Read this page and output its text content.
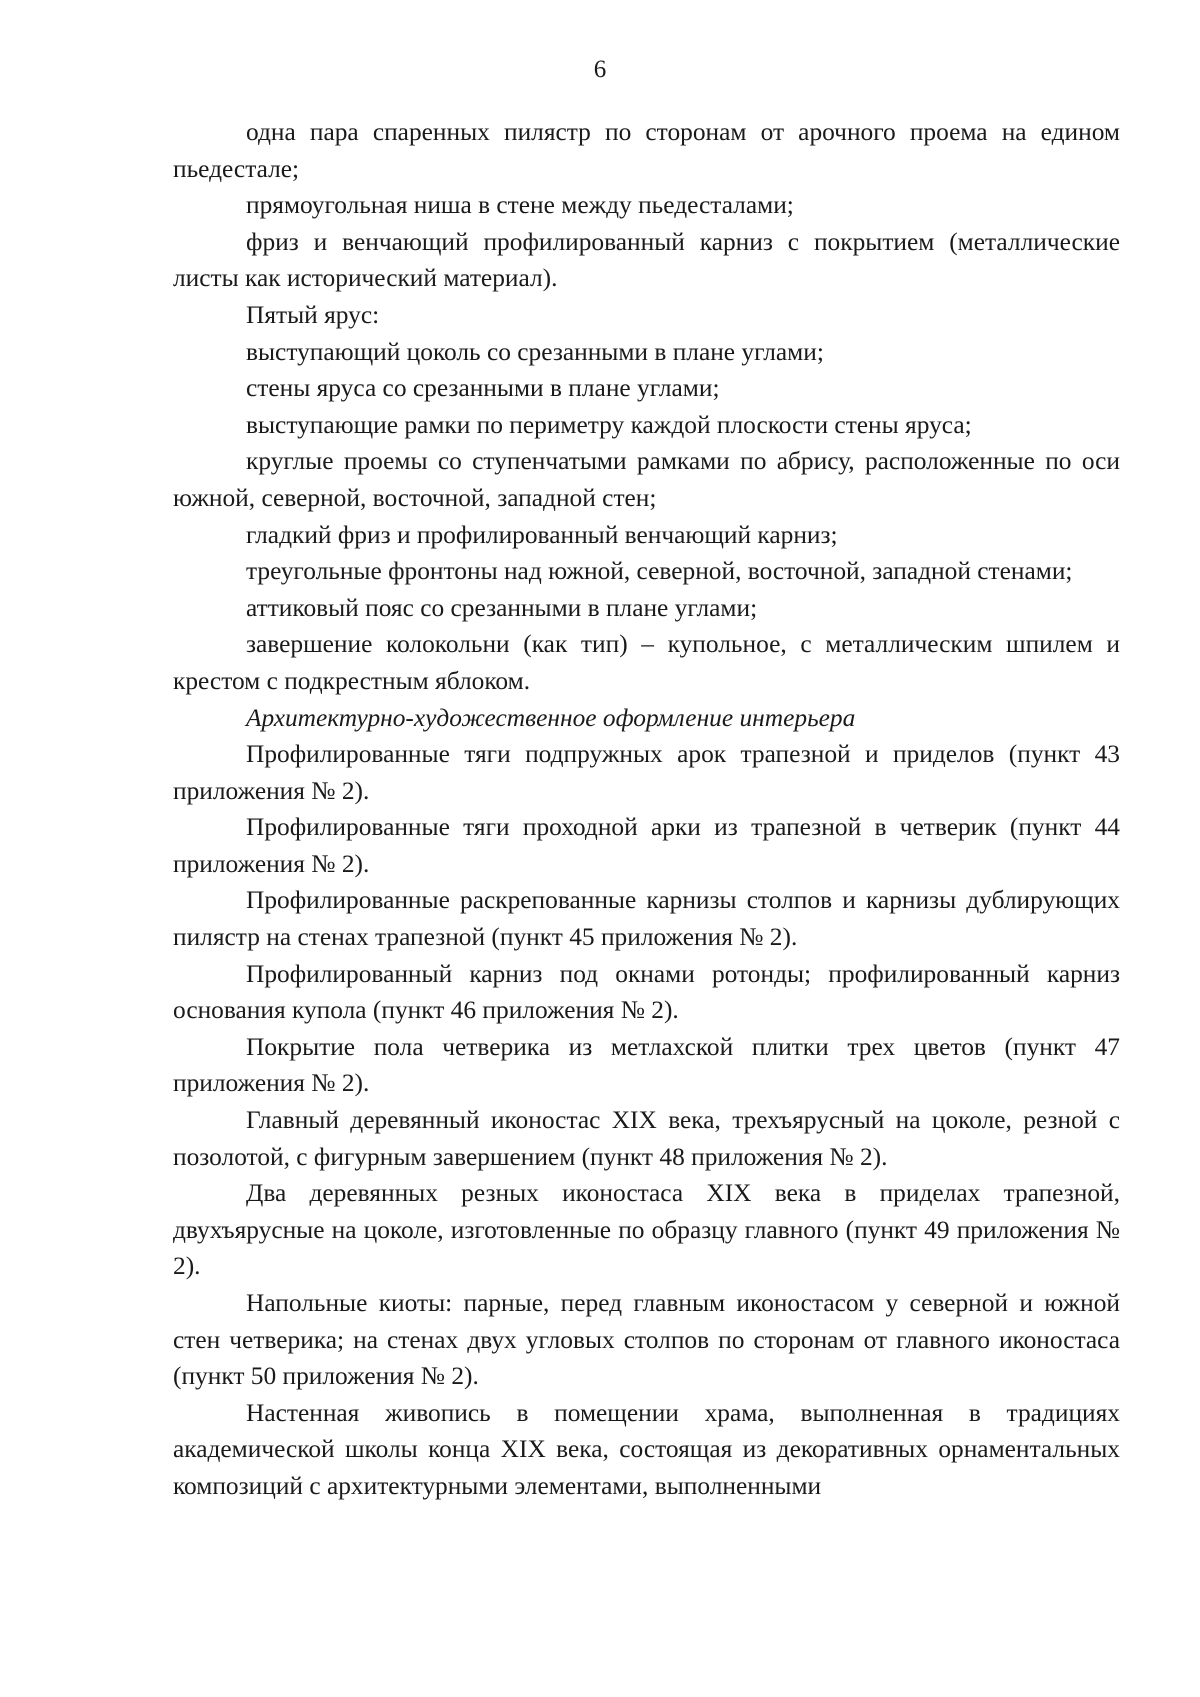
6

одна пара спаренных пилястр по сторонам от арочного проема на едином пьедестале;

прямоугольная ниша в стене между пьедесталами;

фриз и венчающий профилированный карниз с покрытием (металлические листы как исторический материал).

Пятый ярус:

выступающий цоколь со срезанными в плане углами;

стены яруса со срезанными в плане углами;

выступающие рамки по периметру каждой плоскости стены яруса;

круглые проемы со ступенчатыми рамками по абрису, расположенные по оси южной, северной, восточной, западной стен;

гладкий фриз и профилированный венчающий карниз;

треугольные фронтоны над южной, северной, восточной, западной стенами;

аттиковый пояс со срезанными в плане углами;

завершение колокольни (как тип) – купольное, с металлическим шпилем и крестом с подкрестным яблоком.

Архитектурно-художественное оформление интерьера

Профилированные тяги подпружных арок трапезной и приделов (пункт 43 приложения № 2).

Профилированные тяги проходной арки из трапезной в четверик (пункт 44 приложения № 2).

Профилированные раскрепованные карнизы столпов и карнизы дублирующих пилястр на стенах трапезной (пункт 45 приложения № 2).

Профилированный карниз под окнами ротонды; профилированный карниз основания купола (пункт 46 приложения № 2).

Покрытие пола четверика из метлахской плитки трех цветов (пункт 47 приложения № 2).

Главный деревянный иконостас XIX века, трехъярусный на цоколе, резной с позолотой, с фигурным завершением (пункт 48 приложения № 2).

Два деревянных резных иконостаса XIX века в приделах трапезной, двухъярусные на цоколе, изготовленные по образцу главного (пункт 49 приложения № 2).

Напольные киоты: парные, перед главным иконостасом у северной и южной стен четверика; на стенах двух угловых столпов по сторонам от главного иконостаса (пункт 50 приложения № 2).

Настенная живопись в помещении храма, выполненная в традициях академической школы конца XIX века, состоящая из декоративных орнаментальных композиций с архитектурными элементами, выполненными
